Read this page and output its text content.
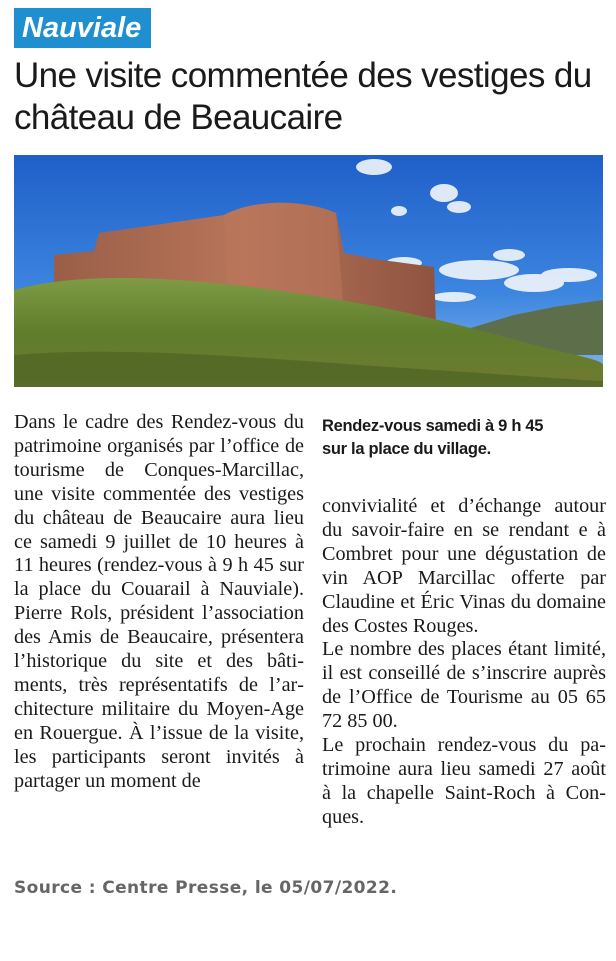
Nauviale
Une visite commentée des vestiges du château de Beaucaire

Dans le cadre des Rendez-vous du patrimoine organisés par l’office de tourisme de Conques-Marcillac, une visite commentée des vestiges du château de Beaucaire aura lieu ce samedi 9 juillet de 10 heures à 11 heures (rendez-vous à 9 h 45 sur la place du Couarail à Nauviale). Pierre Rols, président l’association des Amis de Beaucaire, présentera l’historique du site et des bâtiments, très représentatifs de l’architecture militaire du Moyen-Age en Rouergue. À l’issue de la visite, les participants seront invités à partager un moment de

Rendez-vous samedi à 9 h 45
sur la place du village.

convivialité et d’échange autour du savoir-faire en se rendant e à Combret pour une dégustation de vin AOP Marcillac offerte par Claudine et Éric Vinas du domaine des Costes Rouges.

Le nombre des places étant limité, il est conseillé de s’inscrire auprès de l’Office de Tourisme au 05 65 72 85 00.

Le prochain rendez-vous du patrimoine aura lieu samedi 27 août à la chapelle Saint-Roch à Conques.

Source : Centre Presse, le 05/07/2022.
